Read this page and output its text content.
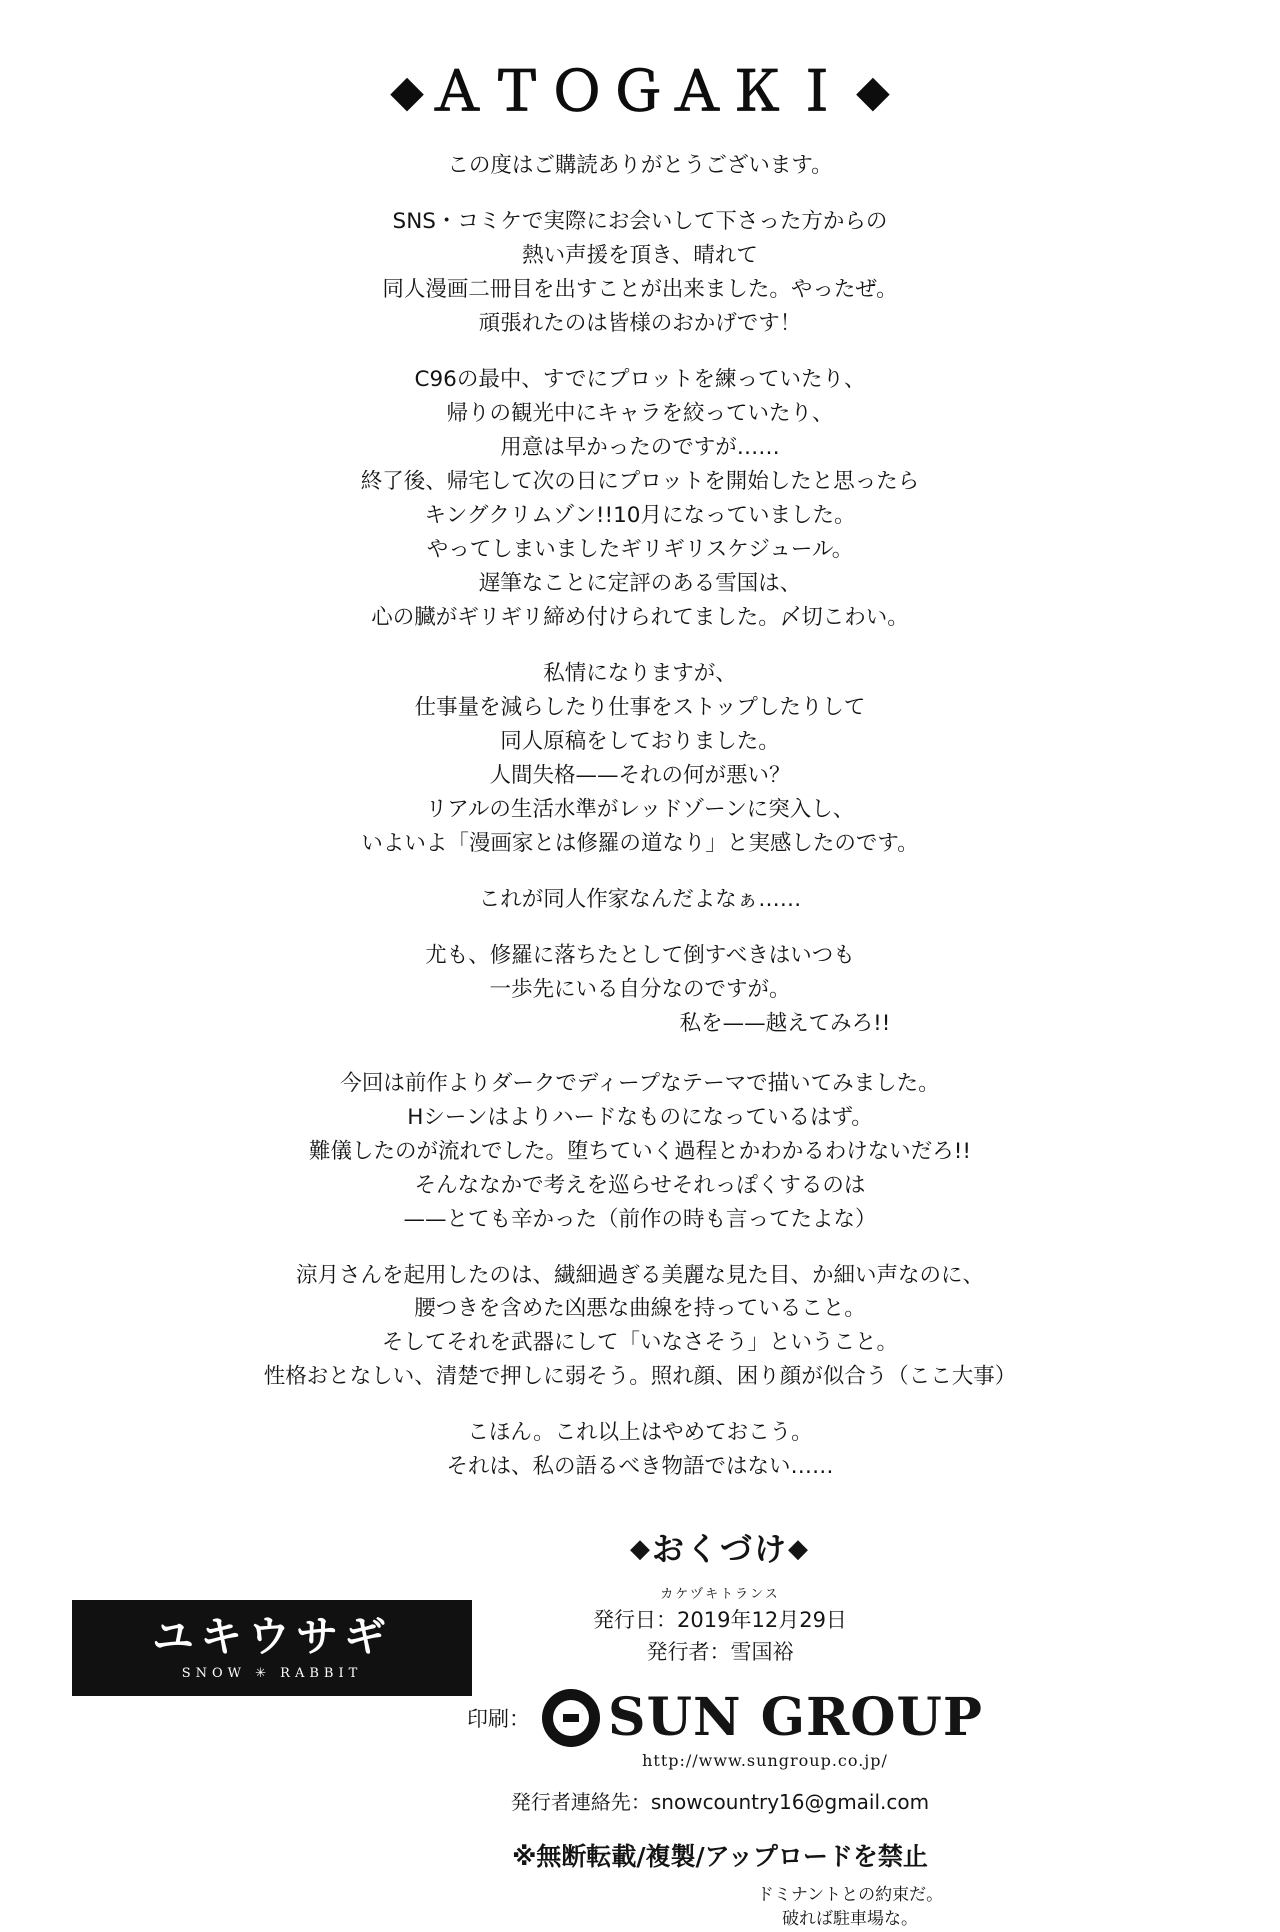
◆ ＡＴＯＧＡＫＩ ◆

この度はご購読ありがとうございます。

SNS・コミケで実際にお会いして下さった方からの

熱い声援を頂き、晴れて

同人漫画二冊目を出すことが出来ました。やったぜ。

頑張れたのは皆様のおかげです！

C96の最中、すでにプロットを練っていたり、

帰りの観光中にキャラを絞っていたり、

用意は早かったのですが……

終了後、帰宅して次の日にプロットを開始したと思ったら

キングクリムゾン!!10月になっていました。

やってしまいましたギリギリスケジュール。

遅筆なことに定評のある雪国は、

心の臓がギリギリ締め付けられてました。〆切こわい。

私情になりますが、

仕事量を減らしたり仕事をストップしたりして

同人原稿をしておりました。

人間失格——それの何が悪い？

リアルの生活水準がレッドゾーンに突入し、

いよいよ「漫画家とは修羅の道なり」と実感したのです。

これが同人作家なんだよなぁ……

尤も、修羅に落ちたとして倒すべきはいつも

一歩先にいる自分なのですが。

私を——越えてみろ!!

今回は前作よりダークでディープなテーマで描いてみました。

Hシーンはよりハードなものになっているはず。

難儀したのが流れでした。堕ちていく過程とかわかるわけないだろ!!

そんななかで考えを巡らせそれっぽくするのは

——とても辛かった（前作の時も言ってたよな）

涼月さんを起用したのは、繊細過ぎる美麗な見た目、か細い声なのに、

腰つきを含めた凶悪な曲線を持っていること。

そしてそれを武器にして「いなさそう」ということ。

性格おとなしい、清楚で押しに弱そう。照れ顔、困り顔が似合う（ここ大事）

こほん。これ以上はやめておこう。

それは、私の語るべき物語ではない……

◆おくづけ◆
カケヅキトランス
発行日：2019年12月29日
発行者：雪国裕
印刷： SUN GROUP
http://www.sungroup.co.jp/
発行者連絡先：snowcountry16@gmail.com
※無断転載/複製/アップロードを禁止
ドミナントとの約束だ。
破れば駐車場な。
ユキウサギ
SNOW ✳ RABBIT
